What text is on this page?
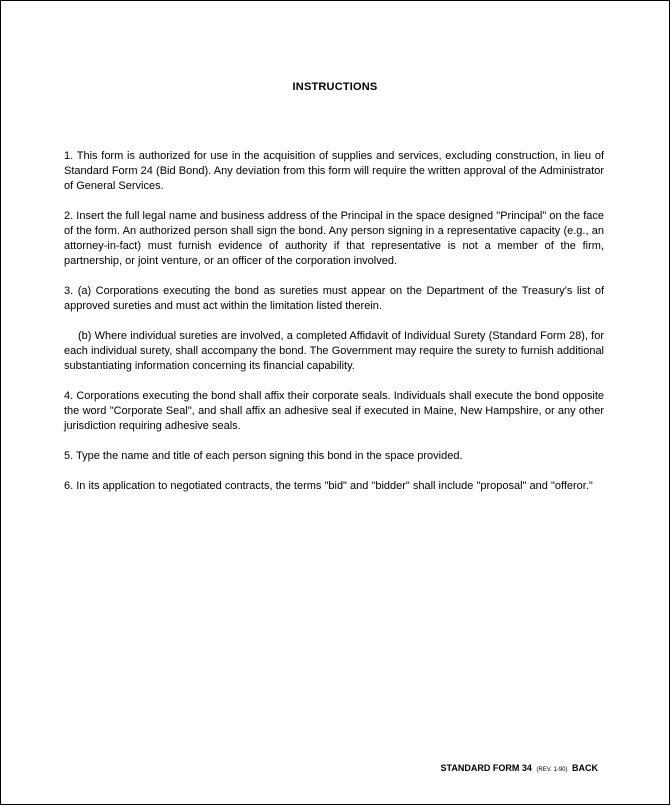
INSTRUCTIONS

1. This form is authorized for use in the acquisition of supplies and services, excluding construction, in lieu of Standard Form 24 (Bid Bond). Any deviation from this form will require the written approval of the Administrator of General Services.

2. Insert the full legal name and business address of the Principal in the space designed "Principal" on the face of the form. An authorized person shall sign the bond. Any person signing in a representative capacity (e.g., an attorney-in-fact) must furnish evidence of authority if that representative is not a member of the firm, partnership, or joint venture, or an officer of the corporation involved.

3. (a) Corporations executing the bond as sureties must appear on the Department of the Treasury's list of approved sureties and must act within the limitation listed therein.

(b) Where individual sureties are involved, a completed Affidavit of Individual Surety (Standard Form 28), for each individual surety, shall accompany the bond. The Government may require the surety to furnish additional substantiating information concerning its financial capability.

4. Corporations executing the bond shall affix their corporate seals. Individuals shall execute the bond opposite the word "Corporate Seal", and shall affix an adhesive seal if executed in Maine, New Hampshire, or any other jurisdiction requiring adhesive seals.

5. Type the name and title of each person signing this bond in the space provided.

6. In its application to negotiated contracts, the terms "bid" and "bidder" shall include "proposal" and "offeror."

STANDARD FORM 34 (REV. 1-90) BACK
